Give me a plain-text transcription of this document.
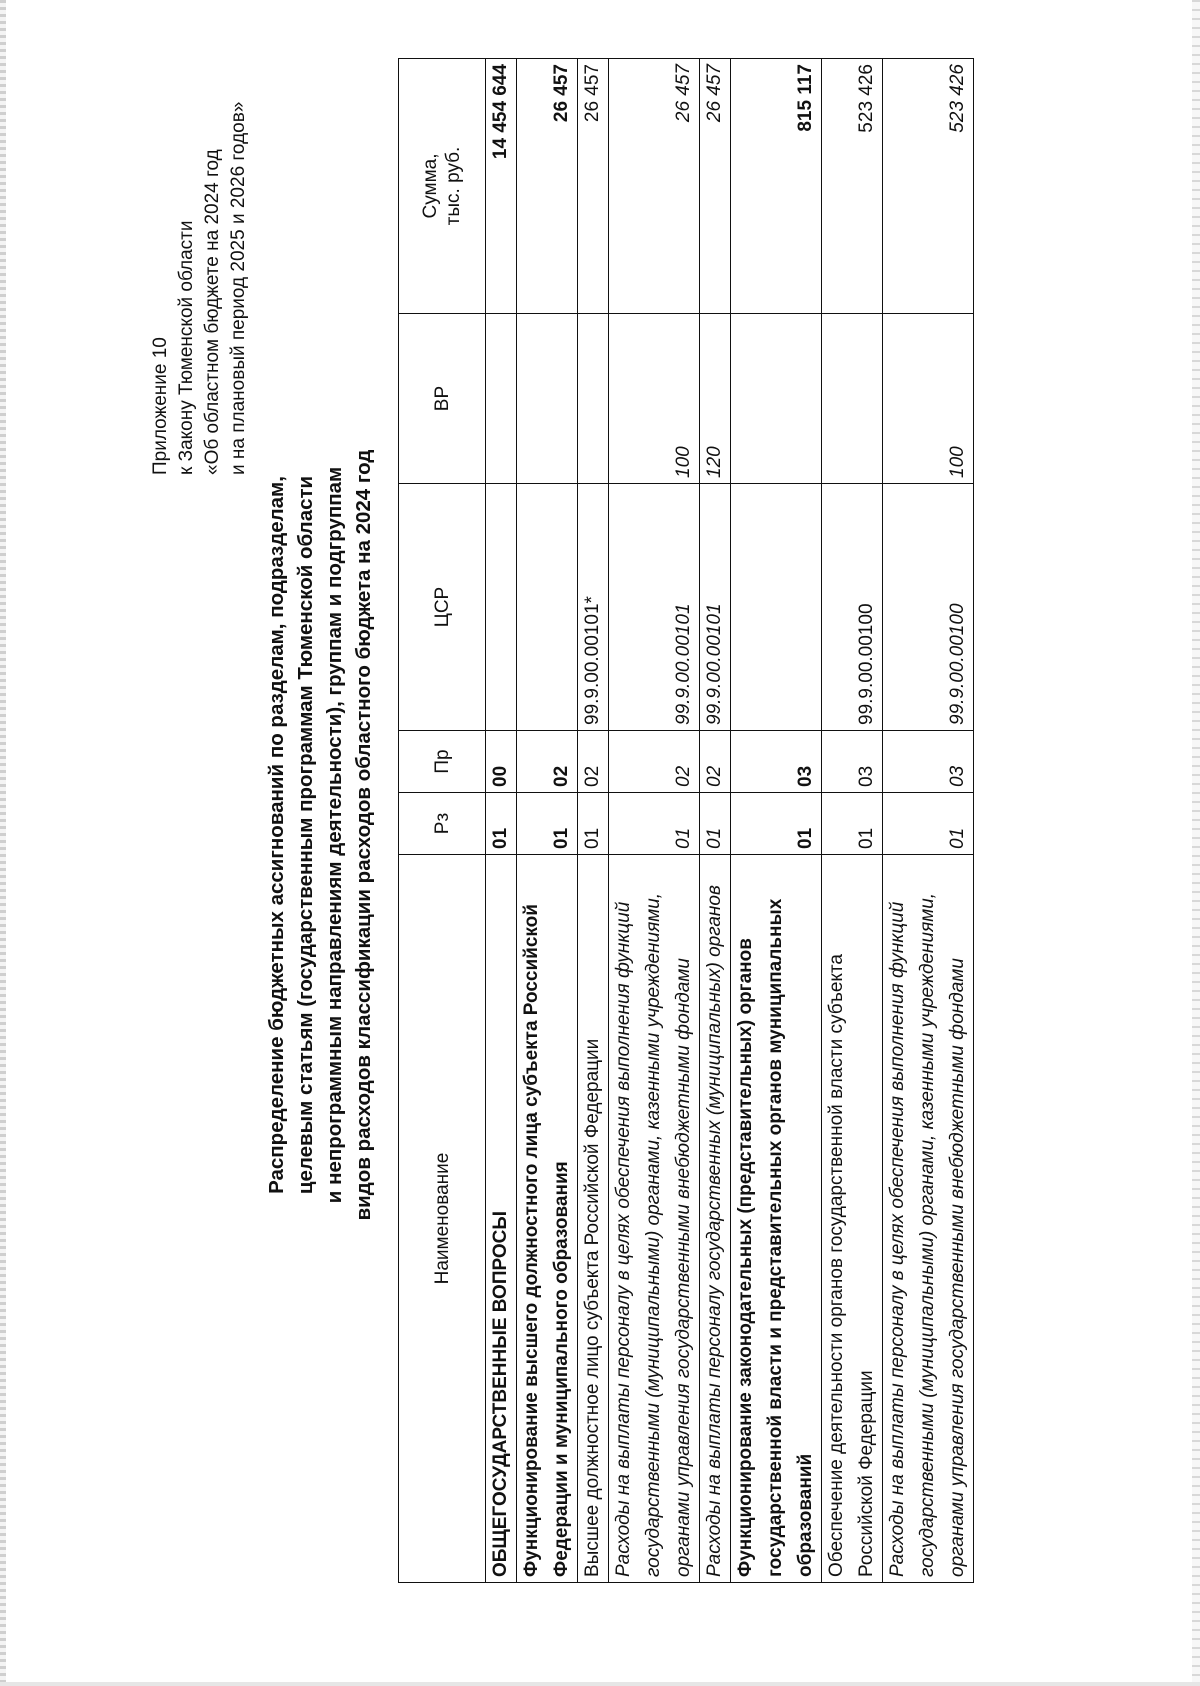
Приложение 10 к Закону Тюменской области «Об областном бюджете на 2024 год и на плановый период 2025 и 2026 годов»
Распределение бюджетных ассигнований по разделам, подразделам, целевым статьям (государственным программам Тюменской области и непрограммным направлениям деятельности), группам и подгруппам видов расходов классификации расходов областного бюджета на 2024 год	Наименование	Рз	Пр	ЦСР	ВР	Сумма, тыс. руб.

ОБЩЕГОСУДАРСТВЕННЫЕ ВОПРОСЫ	01	00			14 454 644
Функционирование высшего должностного лица субъекта Российской Федерации и муниципального образования	01	02			26 457
Высшее должностное лицо субъекта Российской Федерации	01	02	99.9.00.00101*		26 457
Расходы на выплаты персоналу в целях обеспечения выполнения функций государственными (муниципальными) органами, казенными учреждениями, органами управления государственными внебюджетными фондами	01	02	99.9.00.00101	100	26 457
Расходы на выплаты персоналу государственных (муниципальных) органов	01	02	99.9.00.00101	120	26 457
Функционирование законодательных (представительных) органов государственной власти и представительных органов муниципальных образований	01	03			815 117
Обеспечение деятельности органов государственной власти субъекта Российской Федерации	01	03	99.9.00.00100		523 426
Расходы на выплаты персоналу в целях обеспечения выполнения функций государственными (муниципальными) органами, казенными учреждениями, органами управления государственными внебюджетными фондами	01	03	99.9.00.00100	100	523 426
